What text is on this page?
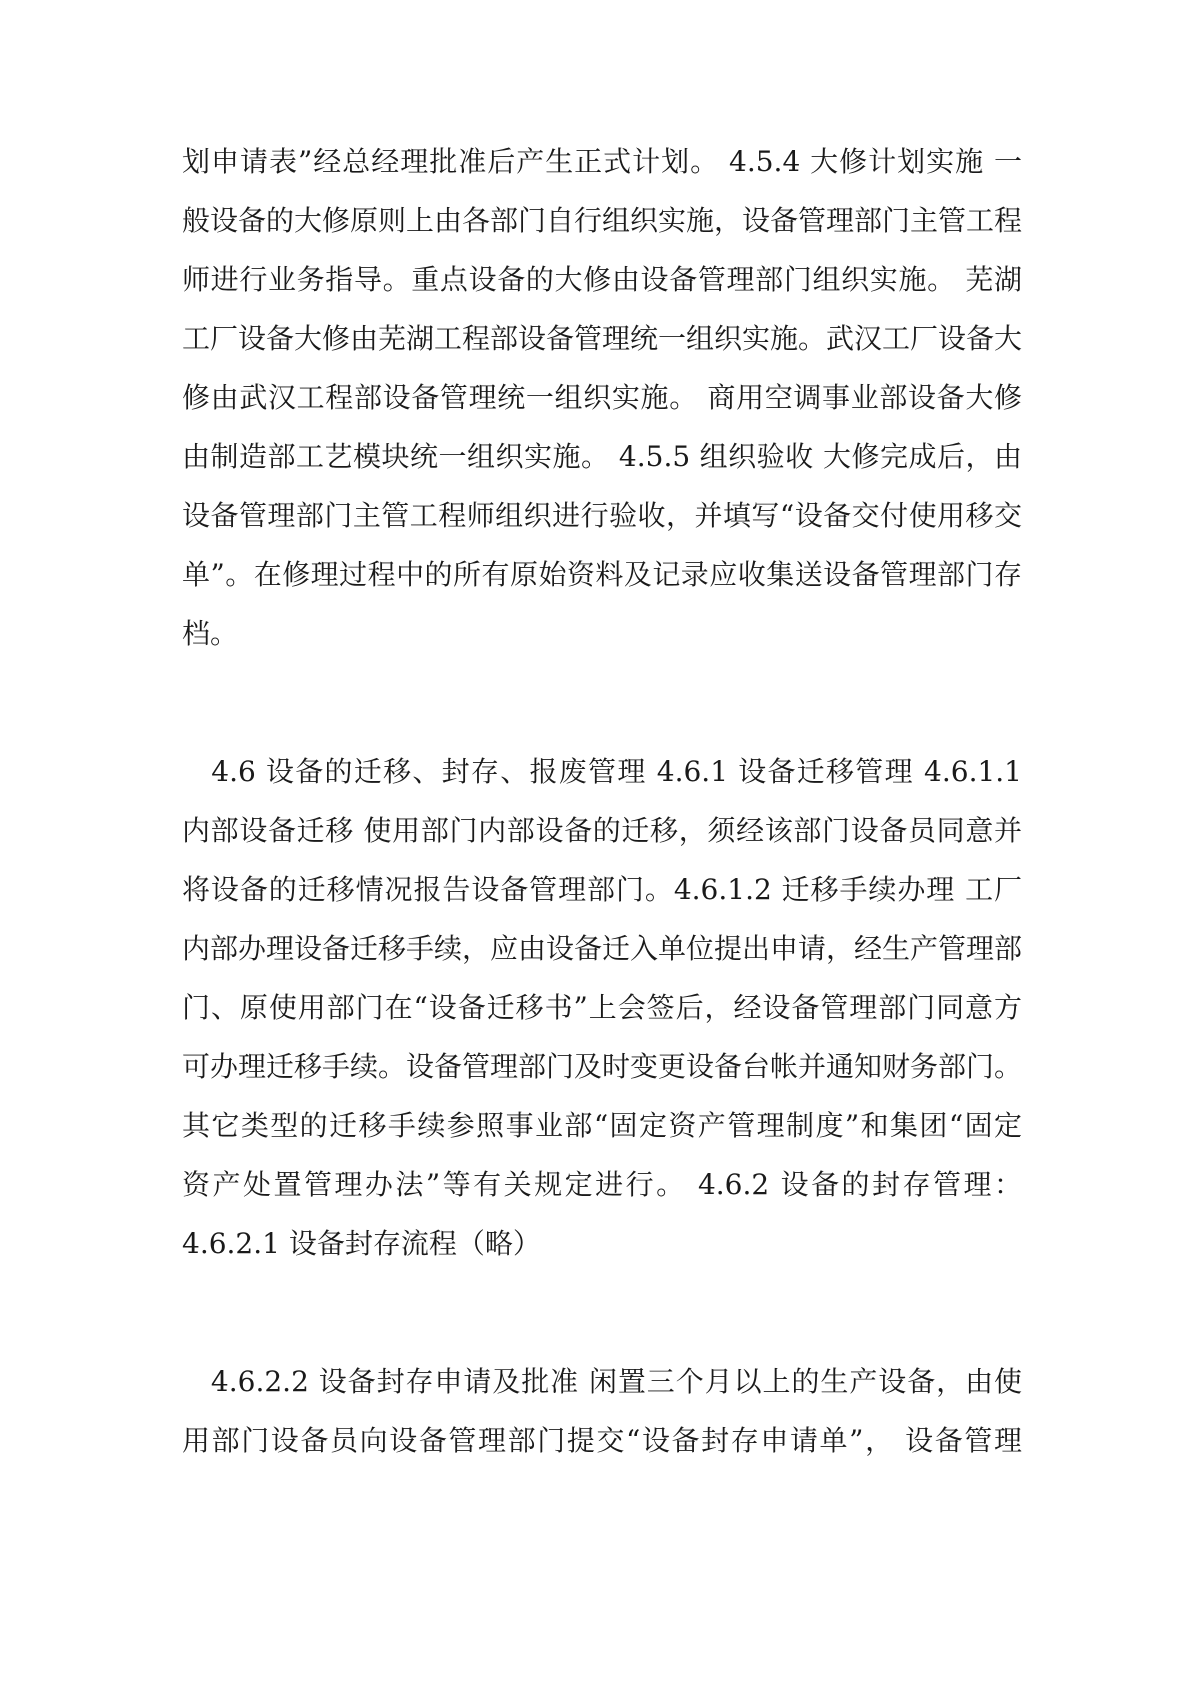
划申请表”经总经理批准后产生正式计划。 4.5.4 大修计划实施 一
般设备的大修原则上由各部门自行组织实施，设备管理部门主管工程
师进行业务指导。重点设备的大修由设备管理部门组织实施。 芜湖
工厂设备大修由芜湖工程部设备管理统一组织实施。武汉工厂设备大
修由武汉工程部设备管理统一组织实施。 商用空调事业部设备大修
由制造部工艺模块统一组织实施。 4.5.5 组织验收 大修完成后，由
设备管理部门主管工程师组织进行验收，并填写“设备交付使用移交
单”。在修理过程中的所有原始资料及记录应收集送设备管理部门存
档。
　4.6 设备的迁移、封存、报废管理 4.6.1 设备迁移管理 4.6.1.1
内部设备迁移 使用部门内部设备的迁移，须经该部门设备员同意并
将设备的迁移情况报告设备管理部门。4.6.1.2 迁移手续办理 工厂
内部办理设备迁移手续，应由设备迁入单位提出申请，经生产管理部
门、原使用部门在“设备迁移书”上会签后，经设备管理部门同意方
可办理迁移手续。设备管理部门及时变更设备台帐并通知财务部门。
其它类型的迁移手续参照事业部“固定资产管理制度”和集团“固定
资产处置管理办法”等有关规定进行。 4.6.2 设备的封存管理：
4.6.2.1 设备封存流程（略）
　4.6.2.2 设备封存申请及批准 闲置三个月以上的生产设备，由使
用部门设备员向设备管理部门提交“设备封存申请单”， 设备管理
